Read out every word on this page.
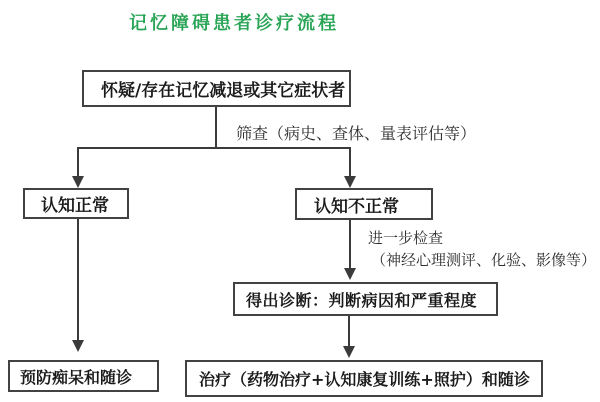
记忆障碍患者诊疗流程
怀疑/存在记忆减退或其它症状者
筛查（病史、查体、量表评估等）
认知正常	认知不正常
进一步检查
（神经心理测评、化验、影像等）
得出诊断：判断病因和严重程度
预防痴呆和随诊	治疗（药物治疗+认知康复训练+照护）和随诊
